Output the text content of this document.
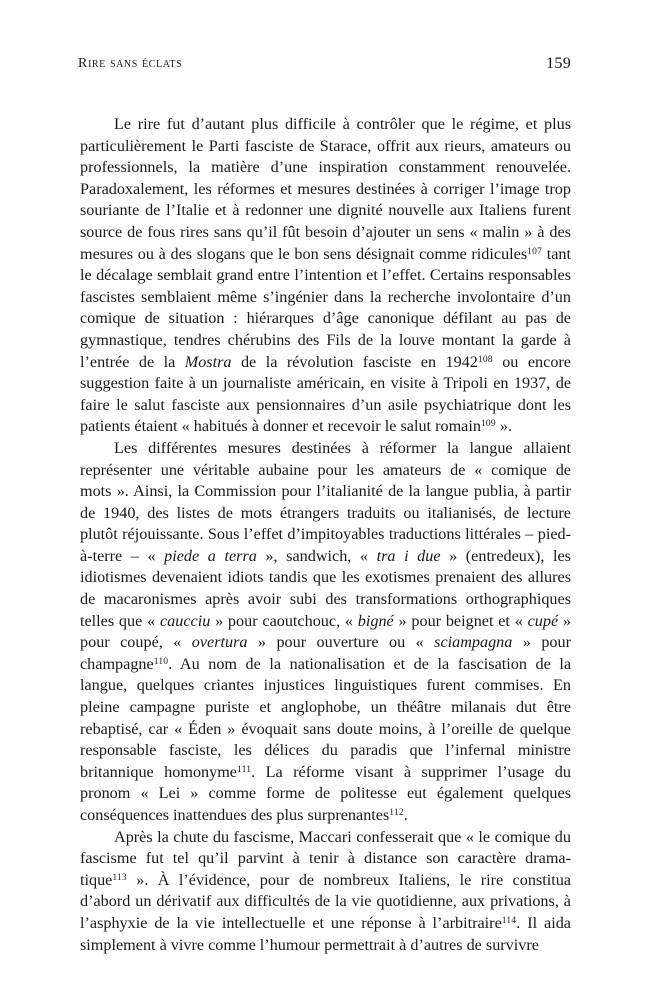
Rire sans éclats	159

Le rire fut d’autant plus difficile à contrôler que le régime, et plus particulièrement le Parti fasciste de Starace, offrit aux rieurs, amateurs ou professionnels, la matière d’une inspiration constamment renouvelée. Paradoxalement, les réformes et mesures destinées à corriger l’image trop souriante de l’Italie et à redonner une dignité nouvelle aux Italiens furent source de fous rires sans qu’il fût besoin d’ajouter un sens « malin » à des mesures ou à des slogans que le bon sens désignait comme ridicules$^{107}$ tant le décalage semblait grand entre l’intention et l’effet. Certains responsables fascistes semblaient même s’ingénier dans la recherche involontaire d’un comique de situation : hiérarques d’âge canonique défilant au pas de gymnastique, tendres chérubins des Fils de la louve montant la garde à l’entrée de la Mostra de la révolution fasciste en 1942$^{108}$ ou encore suggestion faite à un journaliste américain, en visite à Tripoli en 1937, de faire le salut fasciste aux pensionnaires d’un asile psychiatrique dont les patients étaient « habitués à donner et recevoir le salut romain$^{109}$ ».

Les différentes mesures destinées à réformer la langue allaient représenter une véritable aubaine pour les amateurs de « comique de mots ». Ainsi, la Commission pour l’italianité de la langue publia, à partir de 1940, des listes de mots étrangers traduits ou italianisés, de lecture plutôt réjouissante. Sous l’effet d’impitoyables traductions littérales – pied-à-terre – « piede a terra », sandwich, « tra i due » (entredeux), les idiotismes devenaient idiots tandis que les exotismes prenaient des allures de macaronismes après avoir subi des transformations orthographiques telles que « caucciu » pour caoutchouc, « bigné » pour beignet et « cupé » pour coupé, « overtura » pour ouverture ou « sciampagna » pour champagne$^{110}$. Au nom de la nationalisation et de la fascisation de la langue, quelques criantes injustices linguistiques furent commises. En pleine campagne puriste et anglophobe, un théâtre milanais dut être rebaptisé, car « Éden » évoquait sans doute moins, à l’oreille de quelque responsable fasciste, les délices du paradis que l’infernal ministre britannique homonyme$^{111}$. La réforme visant à supprimer l’usage du pronom « Lei » comme forme de politesse eut également quelques conséquences inattendues des plus surprenantes$^{112}$.

Après la chute du fascisme, Maccari confesserait que « le comique du fascisme fut tel qu’il parvint à tenir à distance son caractère dramatique$^{113}$ ». À l’évidence, pour de nombreux Italiens, le rire constitua d’abord un dérivatif aux difficultés de la vie quotidienne, aux privations, à l’asphyxie de la vie intellectuelle et une réponse à l’arbitraire$^{114}$. Il aida simplement à vivre comme l’humour permettrait à d’autres de survivre
